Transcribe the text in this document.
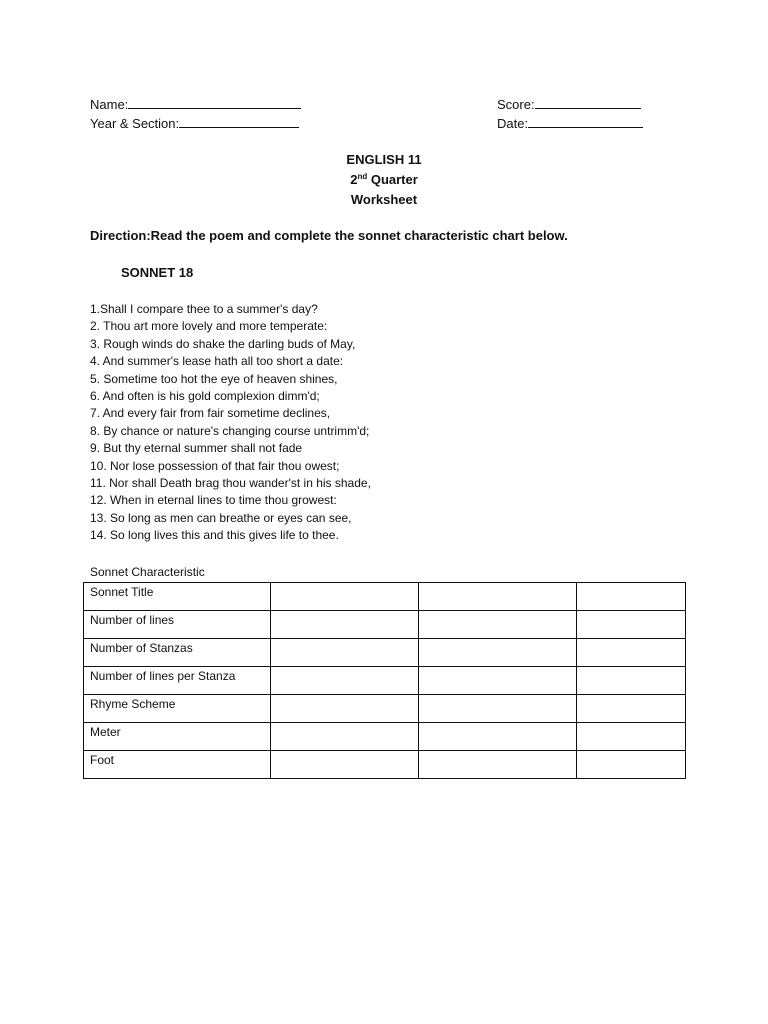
Name:
Year & Section:
Score:
Date:
ENGLISH 11
2nd Quarter
Worksheet
Direction:Read the poem and complete the sonnet characteristic chart below.
SONNET 18
1.Shall I compare thee to a summer's day?
2. Thou art more lovely and more temperate:
3. Rough winds do shake the darling buds of May,
4. And summer's lease hath all too short a date:
5. Sometime too hot the eye of heaven shines,
6. And often is his gold complexion dimm'd;
7. And every fair from fair sometime declines,
8. By chance or nature's changing course untrimm'd;
9. But thy eternal summer shall not fade
10. Nor lose possession of that fair thou owest;
11. Nor shall Death brag thou wander'st in his shade,
12. When in eternal lines to time thou growest:
13. So long as men can breathe or eyes can see,
14. So long lives this and this gives life to thee.
Sonnet Characteristic
Sonnet Title			
Number of lines			
Number of Stanzas			
Number of lines per Stanza			
Rhyme Scheme			
Meter			
Foot			
